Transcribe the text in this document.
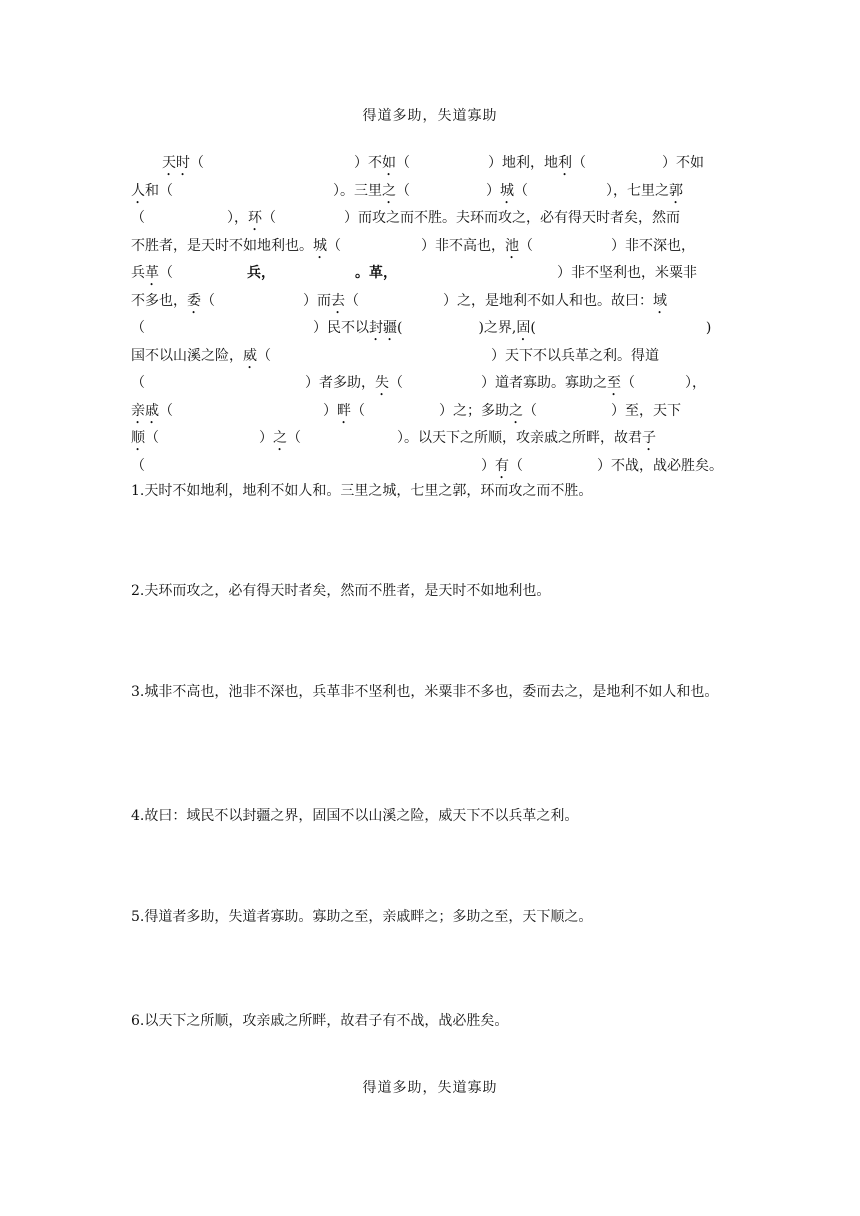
得道多助，失道寡助
天时（	）不如（	）地利，地利（	）不如
人和（	）。三里之（	）城（	），七里之郭
（	），环（	）而攻之而不胜。夫环而攻之，必有得天时者矣，然而
不胜者，是天时不如地利也。城（	）非不高也，池（	）非不深也，
兵革（	兵，	。革，	）非不坚利也，米粟非
不多也，委（	）而去（	）之，是地利不如人和也。故曰：域
（	）民不以封疆(	)之界,固(	)
国不以山溪之险，威（	）天下不以兵革之利。得道
（	）者多助，失（	）道者寡助。寡助之至（	），
亲戚（	）畔（	）之；多助之（	）至，天下
顺（	）之（	）。以天下之所顺，攻亲戚之所畔，故君子
（	）有（	）不战，战必胜矣。
1.天时不如地利，地利不如人和。三里之城，七里之郭，环而攻之而不胜。
2.夫环而攻之，必有得天时者矣，然而不胜者，是天时不如地利也。
3.城非不高也，池非不深也，兵革非不坚利也，米粟非不多也，委而去之，是地利不如人和也。
4.故曰：域民不以封疆之界，固国不以山溪之险，威天下不以兵革之利。
5.得道者多助，失道者寡助。寡助之至，亲戚畔之；多助之至，天下顺之。
6.以天下之所顺，攻亲戚之所畔，故君子有不战，战必胜矣。
得道多助，失道寡助
